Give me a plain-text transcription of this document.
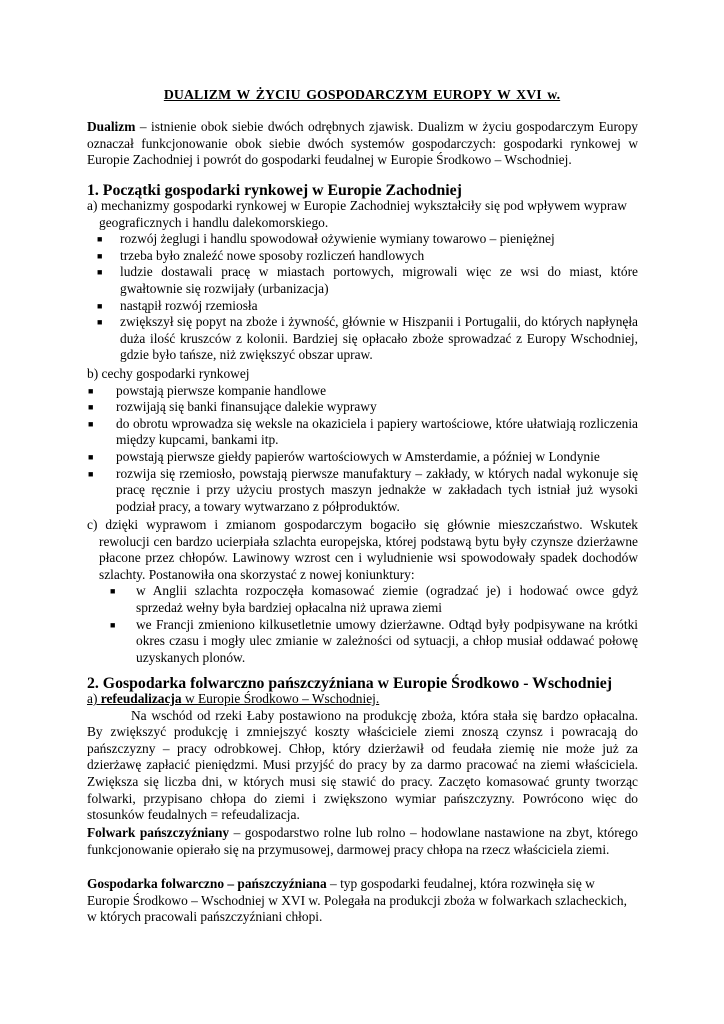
DUALIZM W ŻYCIU GOSPODARCZYM EUROPY W XVI w.
Dualizm – istnienie obok siebie dwóch odrębnych zjawisk. Dualizm w życiu gospodarczym Europy oznaczał funkcjonowanie obok siebie dwóch systemów gospodarczych: gospodarki rynkowej w Europie Zachodniej i powrót do gospodarki feudalnej w Europie Środkowo – Wschodniej.
1. Początki gospodarki rynkowej w Europie Zachodniej
a) mechanizmy gospodarki rynkowej w Europie Zachodniej wykształciły się pod wpływem wypraw geograficznych i handlu dalekomorskiego.
■ rozwój żeglugi i handlu spowodował ożywienie wymiany towarowo – pieniężnej
■ trzeba było znaleźć nowe sposoby rozliczeń handlowych
■ ludzie dostawali pracę w miastach portowych, migrowali więc ze wsi do miast, które gwałtownie się rozwijały (urbanizacja)
■ nastąpił rozwój rzemiosła
■ zwiększył się popyt na zboże i żywność, głównie w Hiszpanii i Portugalii, do których napłynęła duża ilość kruszców z kolonii. Bardziej się opłacało zboże sprowadzać z Europy Wschodniej, gdzie było tańsze, niż zwiększyć obszar upraw.
b) cechy gospodarki rynkowej
■ powstają pierwsze kompanie handlowe
■ rozwijają się banki finansujące dalekie wyprawy
■ do obrotu wprowadza się weksle na okaziciela i papiery wartościowe, które ułatwiają rozliczenia między kupcami, bankami itp.
■ powstają pierwsze giełdy papierów wartościowych w Amsterdamie, a później w Londynie
■ rozwija się rzemiosło, powstają pierwsze manufaktury – zakłady, w których nadal wykonuje się pracę ręcznie i przy użyciu prostych maszyn jednakże w zakładach tych istniał już wysoki podział pracy, a towary wytwarzano z półproduktów.
c) dzięki wyprawom i zmianom gospodarczym bogaciło się głównie mieszczaństwo. Wskutek rewolucji cen bardzo ucierpiała szlachta europejska, której podstawą bytu były czynsze dzierżawne płacone przez chłopów. Lawinowy wzrost cen i wyludnienie wsi spowodowały spadek dochodów szlachty. Postanowiła ona skorzystać z nowej koniunktury:
■ w Anglii szlachta rozpoczęła komasować ziemie (ogradzać je) i hodować owce gdyż sprzedaż wełny była bardziej opłacalna niż uprawa ziemi
■ we Francji zmieniono kilkusetletnie umowy dzierżawne. Odtąd były podpisywane na krótki okres czasu i mogły ulec zmianie w zależności od sytuacji, a chłop musiał oddawać połowę uzyskanych plonów.
2. Gospodarka folwarczno pańszczyźniana w Europie Środkowo - Wschodniej
a) refeudalizacja w Europie Środkowo – Wschodniej.
Na wschód od rzeki Łaby postawiono na produkcję zboża, która stała się bardzo opłacalna. By zwiększyć produkcję i zmniejszyć koszty właściciele ziemi znoszą czynsz i powracają do pańszczyzny – pracy odrobkowej. Chłop, który dzierżawił od feudała ziemię nie może już za dzierżawę zapłacić pieniędzmi. Musi przyjść do pracy by za darmo pracować na ziemi właściciela. Zwiększa się liczba dni, w których musi się stawić do pracy. Zaczęto komasować grunty tworząc folwarki, przypisano chłopa do ziemi i zwiększono wymiar pańszczyzny. Powrócono więc do stosunków feudalnych = refeudalizacja.
Folwark pańszczyźniany – gospodarstwo rolne lub rolno – hodowlane nastawione na zbyt, którego funkcjonowanie opierało się na przymusowej, darmowej pracy chłopa na rzecz właściciela ziemi.
Gospodarka folwarczno – pańszczyźniana – typ gospodarki feudalnej, która rozwinęła się w Europie Środkowo – Wschodniej w XVI w. Polegała na produkcji zboża w folwarkach szlacheckich, w których pracowali pańszczyźniani chłopi.
